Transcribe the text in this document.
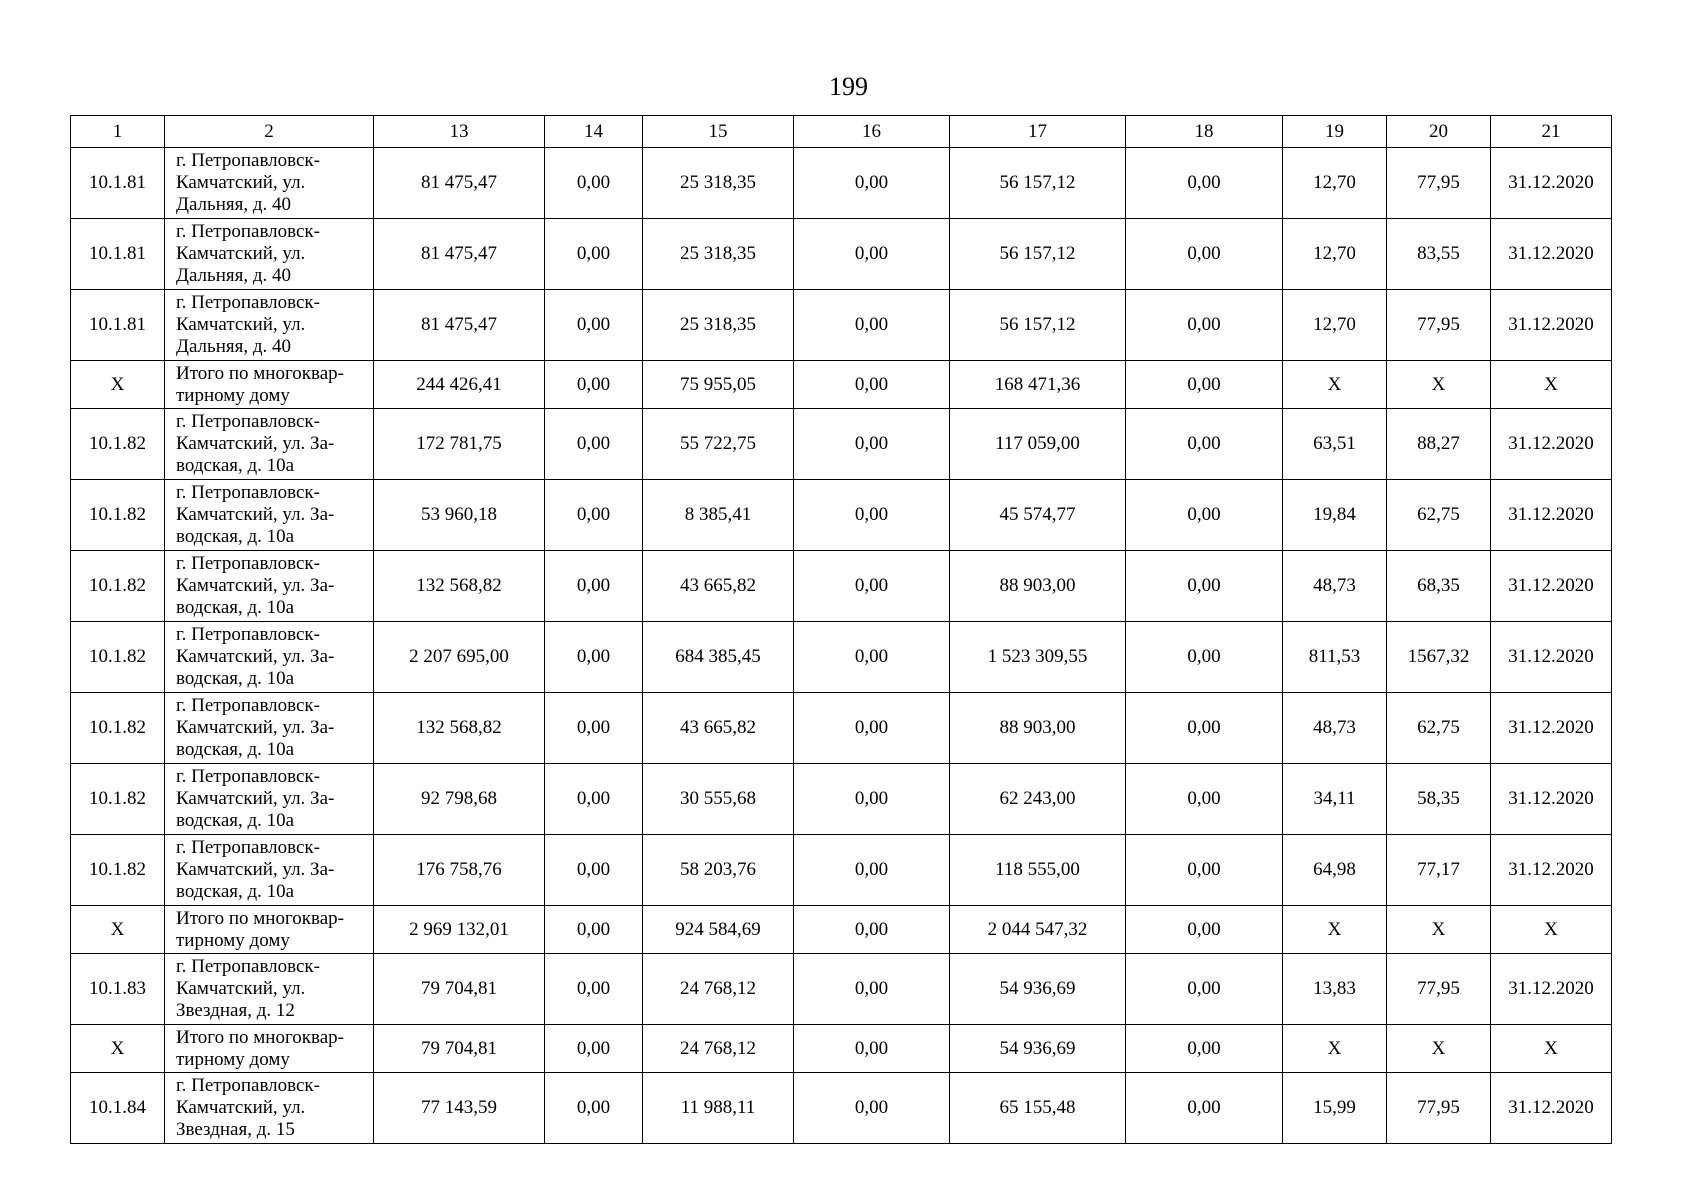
199
1	2	13	14	15	16	17	18	19	20	21
10.1.81	г. Петропавловск-
Камчатский, ул.
Дальняя, д. 40	81 475,47	0,00	25 318,35	0,00	56 157,12	0,00	12,70	77,95	31.12.2020
10.1.81	г. Петропавловск-
Камчатский, ул.
Дальняя, д. 40	81 475,47	0,00	25 318,35	0,00	56 157,12	0,00	12,70	83,55	31.12.2020
10.1.81	г. Петропавловск-
Камчатский, ул.
Дальняя, д. 40	81 475,47	0,00	25 318,35	0,00	56 157,12	0,00	12,70	77,95	31.12.2020
X	Итого по многоквар-
тирному дому	244 426,41	0,00	75 955,05	0,00	168 471,36	0,00	X	X	X
10.1.82	г. Петропавловск-
Камчатский, ул. За-
водская, д. 10а	172 781,75	0,00	55 722,75	0,00	117 059,00	0,00	63,51	88,27	31.12.2020
10.1.82	г. Петропавловск-
Камчатский, ул. За-
водская, д. 10а	53 960,18	0,00	8 385,41	0,00	45 574,77	0,00	19,84	62,75	31.12.2020
10.1.82	г. Петропавловск-
Камчатский, ул. За-
водская, д. 10а	132 568,82	0,00	43 665,82	0,00	88 903,00	0,00	48,73	68,35	31.12.2020
10.1.82	г. Петропавловск-
Камчатский, ул. За-
водская, д. 10а	2 207 695,00	0,00	684 385,45	0,00	1 523 309,55	0,00	811,53	1567,32	31.12.2020
10.1.82	г. Петропавловск-
Камчатский, ул. За-
водская, д. 10а	132 568,82	0,00	43 665,82	0,00	88 903,00	0,00	48,73	62,75	31.12.2020
10.1.82	г. Петропавловск-
Камчатский, ул. За-
водская, д. 10а	92 798,68	0,00	30 555,68	0,00	62 243,00	0,00	34,11	58,35	31.12.2020
10.1.82	г. Петропавловск-
Камчатский, ул. За-
водская, д. 10а	176 758,76	0,00	58 203,76	0,00	118 555,00	0,00	64,98	77,17	31.12.2020
X	Итого по многоквар-
тирному дому	2 969 132,01	0,00	924 584,69	0,00	2 044 547,32	0,00	X	X	X
10.1.83	г. Петропавловск-
Камчатский, ул.
Звездная, д. 12	79 704,81	0,00	24 768,12	0,00	54 936,69	0,00	13,83	77,95	31.12.2020
X	Итого по многоквар-
тирному дому	79 704,81	0,00	24 768,12	0,00	54 936,69	0,00	X	X	X
10.1.84	г. Петропавловск-
Камчатский, ул.
Звездная, д. 15	77 143,59	0,00	11 988,11	0,00	65 155,48	0,00	15,99	77,95	31.12.2020
